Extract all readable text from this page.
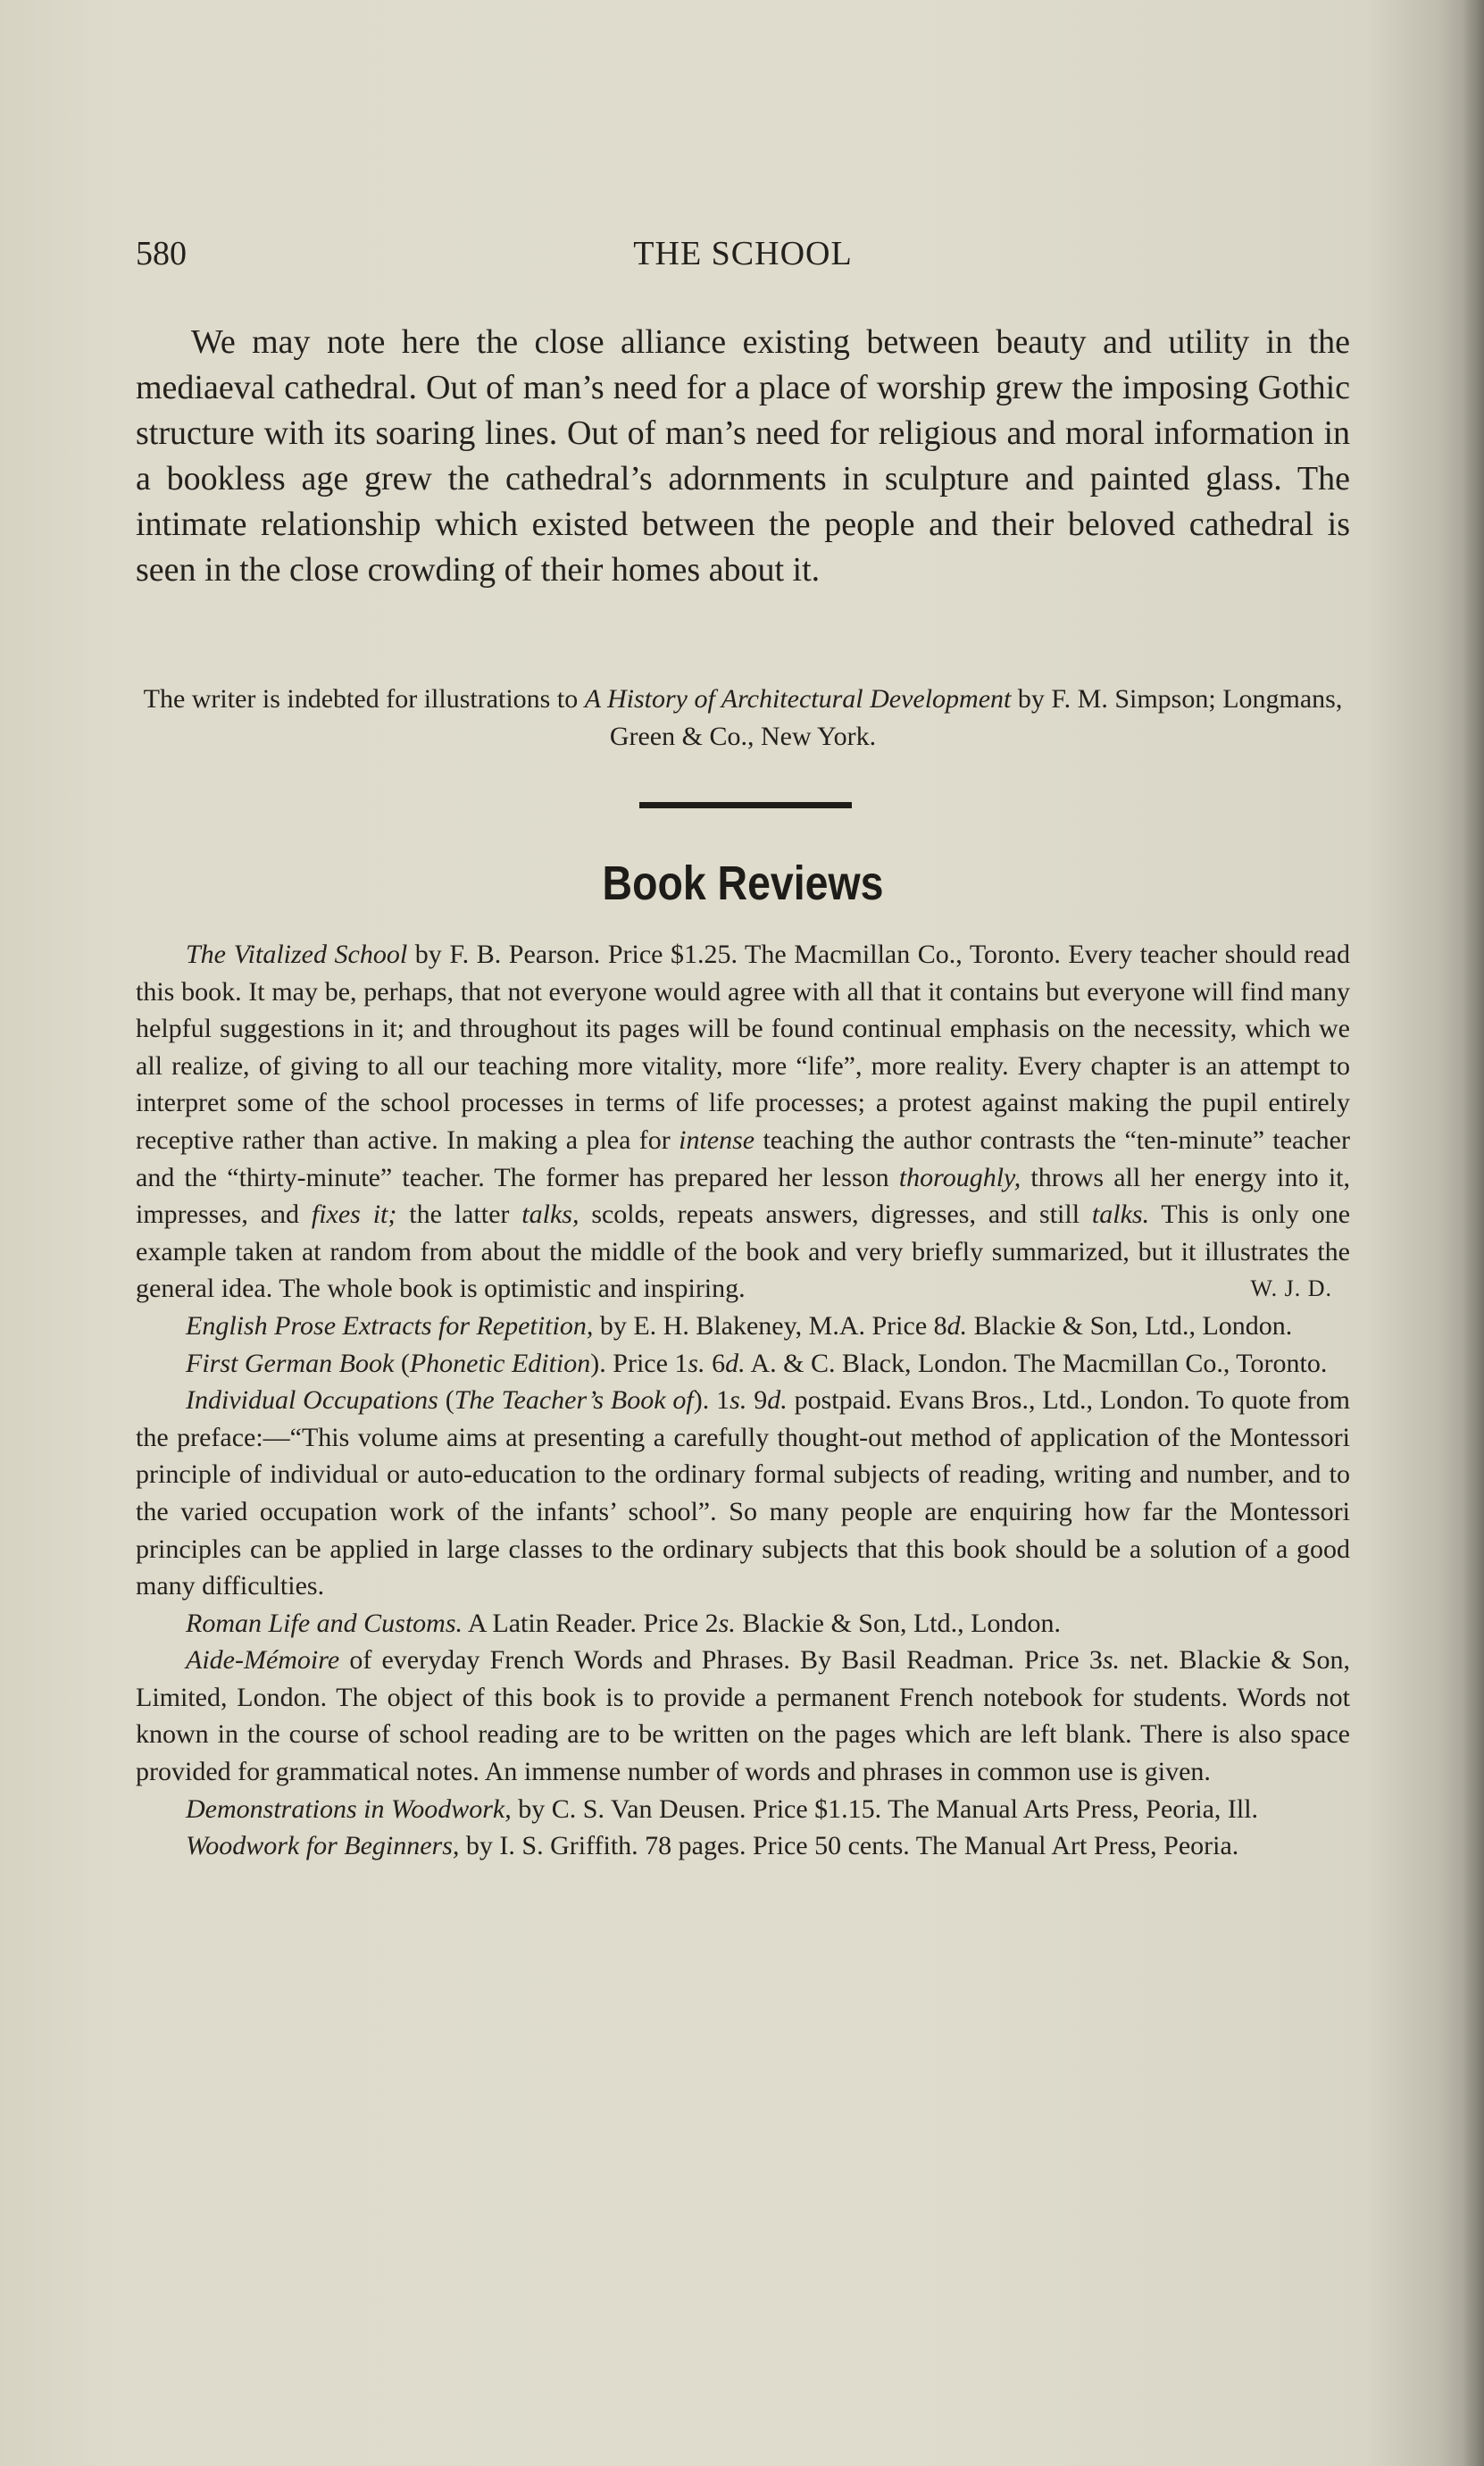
THE SCHOOL
580

We may note here the close alliance existing between beauty and utility in the mediaeval cathedral. Out of man’s need for a place of worship grew the imposing Gothic structure with its soaring lines. Out of man’s need for religious and moral information in a bookless age grew the cathedral’s adornments in sculpture and painted glass. The intimate relationship which existed between the people and their beloved cathedral is seen in the close crowding of their homes about it.

The writer is indebted for illustrations to A History of Architectural Development by F. M. Simpson; Longmans, Green & Co., New York.

Book Reviews

The Vitalized School by F. B. Pearson. Price $1.25. The Macmillan Co., Toronto. Every teacher should read this book. It may be, perhaps, that not everyone would agree with all that it contains but everyone will find many helpful suggestions in it; and throughout its pages will be found continual emphasis on the necessity, which we all realize, of giving to all our teaching more vitality, more “life”, more reality. Every chapter is an attempt to interpret some of the school processes in terms of life processes; a protest against making the pupil entirely receptive rather than active. In making a plea for intense teaching the author contrasts the “ten-minute” teacher and the “thirty-minute” teacher. The former has prepared her lesson thoroughly, throws all her energy into it, impresses, and fixes it; the latter talks, scolds, repeats answers, digresses, and still talks. This is only one example taken at random from about the middle of the book and very briefly summarized, but it illustrates the general idea. The whole book is optimistic and inspiring.	W. J. D.

English Prose Extracts for Repetition, by E. H. Blakeney, M.A. Price 8d. Blackie & Son, Ltd., London.

First German Book (Phonetic Edition). Price 1s. 6d. A. & C. Black, London. The Macmillan Co., Toronto.

Individual Occupations (The Teacher’s Book of). 1s. 9d. postpaid. Evans Bros., Ltd., London. To quote from the preface:—“This volume aims at presenting a carefully thought-out method of application of the Montessori principle of individual or auto-education to the ordinary formal subjects of reading, writing and number, and to the varied occupation work of the infants’ school”. So many people are enquiring how far the Montessori principles can be applied in large classes to the ordinary subjects that this book should be a solution of a good many difficulties.

Roman Life and Customs. A Latin Reader. Price 2s. Blackie & Son, Ltd., London.

Aide-Mémoire of everyday French Words and Phrases. By Basil Readman. Price 3s. net. Blackie & Son, Limited, London. The object of this book is to provide a permanent French notebook for students. Words not known in the course of school reading are to be written on the pages which are left blank. There is also space provided for grammatical notes. An immense number of words and phrases in common use is given.

Demonstrations in Woodwork, by C. S. Van Deusen. Price $1.15. The Manual Arts Press, Peoria, Ill.

Woodwork for Beginners, by I. S. Griffith. 78 pages. Price 50 cents. The Manual Art Press, Peoria.
